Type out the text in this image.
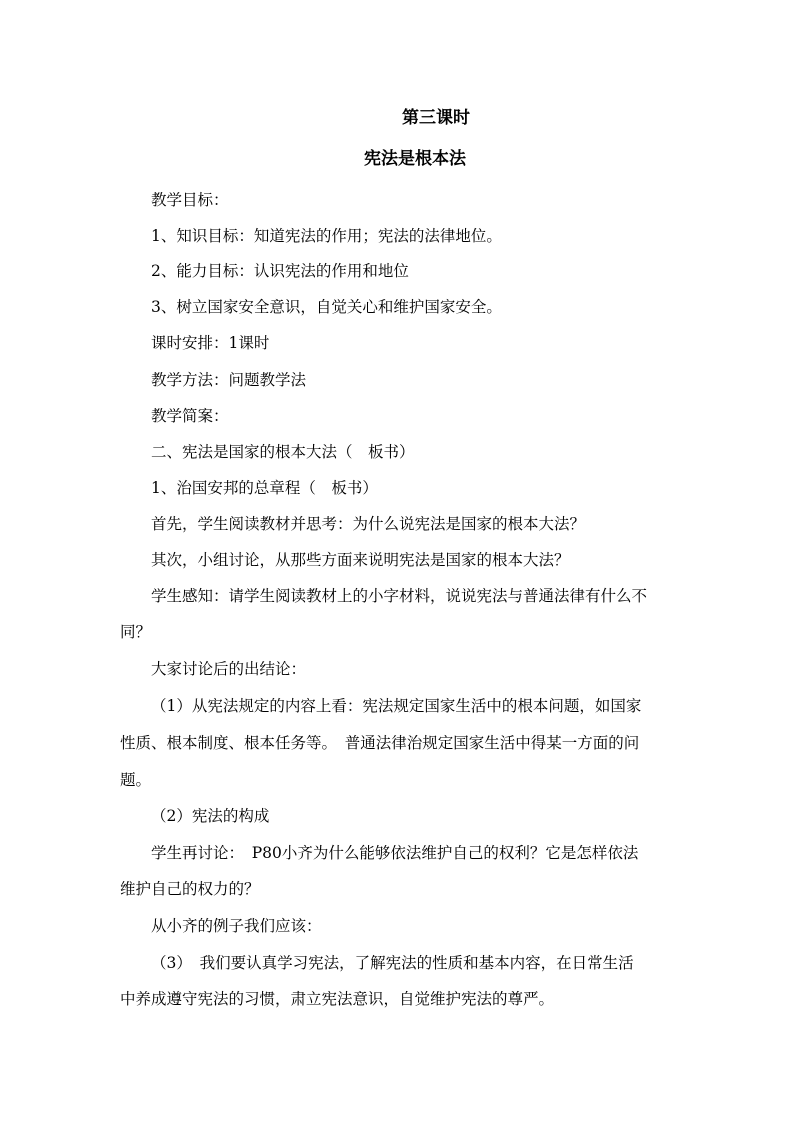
第三课时
宪法是根本法
教学目标：
1、知识目标：知道宪法的作用；宪法的法律地位。
2、能力目标：认识宪法的作用和地位
3、树立国家安全意识，自觉关心和维护国家安全。
课时安排：1课时
教学方法：问题教学法
教学简案：
二、宪法是国家的根本大法（　板书）
1、治国安邦的总章程（　板书）
首先，学生阅读教材并思考：为什么说宪法是国家的根本大法？
其次，小组讨论，从那些方面来说明宪法是国家的根本大法？
学生感知：请学生阅读教材上的小字材料，说说宪法与普通法律有什么不
同？
大家讨论后的出结论：
（1）从宪法规定的内容上看：宪法规定国家生活中的根本问题，如国家
性质、根本制度、根本任务等。　普通法律治规定国家生活中得某一方面的问
题。
（2）宪法的构成
学生再讨论：　P80小齐为什么能够依法维护自己的权利？它是怎样依法
维护自己的权力的？
从小齐的例子我们应该：
（3）　我们要认真学习宪法，了解宪法的性质和基本内容，在日常生活
中养成遵守宪法的习惯，肃立宪法意识，自觉维护宪法的尊严。
